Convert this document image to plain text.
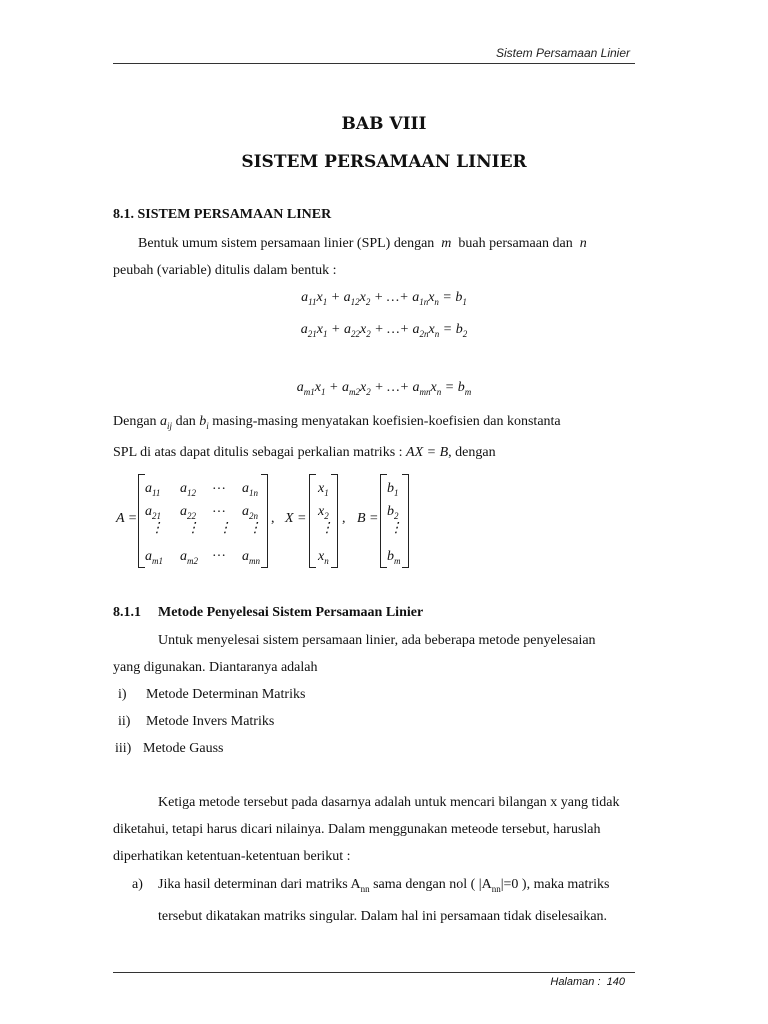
Sistem Persamaan Linier
BAB VIII
SISTEM PERSAMAAN LINIER
8.1. SISTEM PERSAMAAN LINER
Bentuk umum sistem persamaan linier (SPL) dengan m buah persamaan dan n
peubah (variable) ditulis dalam bentuk :
$a_{11}x_1 + a_{12}x_2$ + …+ $a_{1n}x_n = b_1$
$a_{21}x_1 + a_{22}x_2$ + …+ $a_{2n}x_n = b_2$
$a_{m1}x_1 + a_{m2}x_2$ + …+ $a_{mn}x_n = b_m$
Dengan $a_{ij}$ dan $b_i$ masing-masing menyatakan koefisien-koefisien dan konstanta
SPL di atas dapat ditulis sebagai perkalian matriks : AX = B, dengan
A =
$a_{11}$ $a_{12}$ … $a_{1n}$
$a_{21}$ $a_{22}$ … $a_{2n}$
⋮ ⋮ ⋮ ⋮
$a_{m1}$ $a_{m2}$
… $a_{mn}$
, X =
$x_1$
$x_2$
⋮
$x_n$
, B =
$b_1$
$b_2$
⋮
$b_m$
8.1.1 Metode Penyelesai Sistem Persamaan Linier
Untuk menyelesai sistem persamaan linier, ada beberapa metode penyelesaian
yang digunakan. Diantaranya adalah
i) Metode Determinan Matriks
ii) Metode Invers Matriks
iii) Metode Gauss
Ketiga metode tersebut pada dasarnya adalah untuk mencari bilangan x yang tidak
diketahui, tetapi harus dicari nilainya. Dalam menggunakan meteode tersebut, haruslah
diperhatikan ketentuan-ketentuan berikut :
a) Jika hasil determinan dari matriks $A_{nn}$ sama dengan nol ( $|A_{nn}|=0$ ), maka matriks
tersebut dikatakan matriks singular. Dalam hal ini persamaan tidak diselesaikan.
Halaman : 140
